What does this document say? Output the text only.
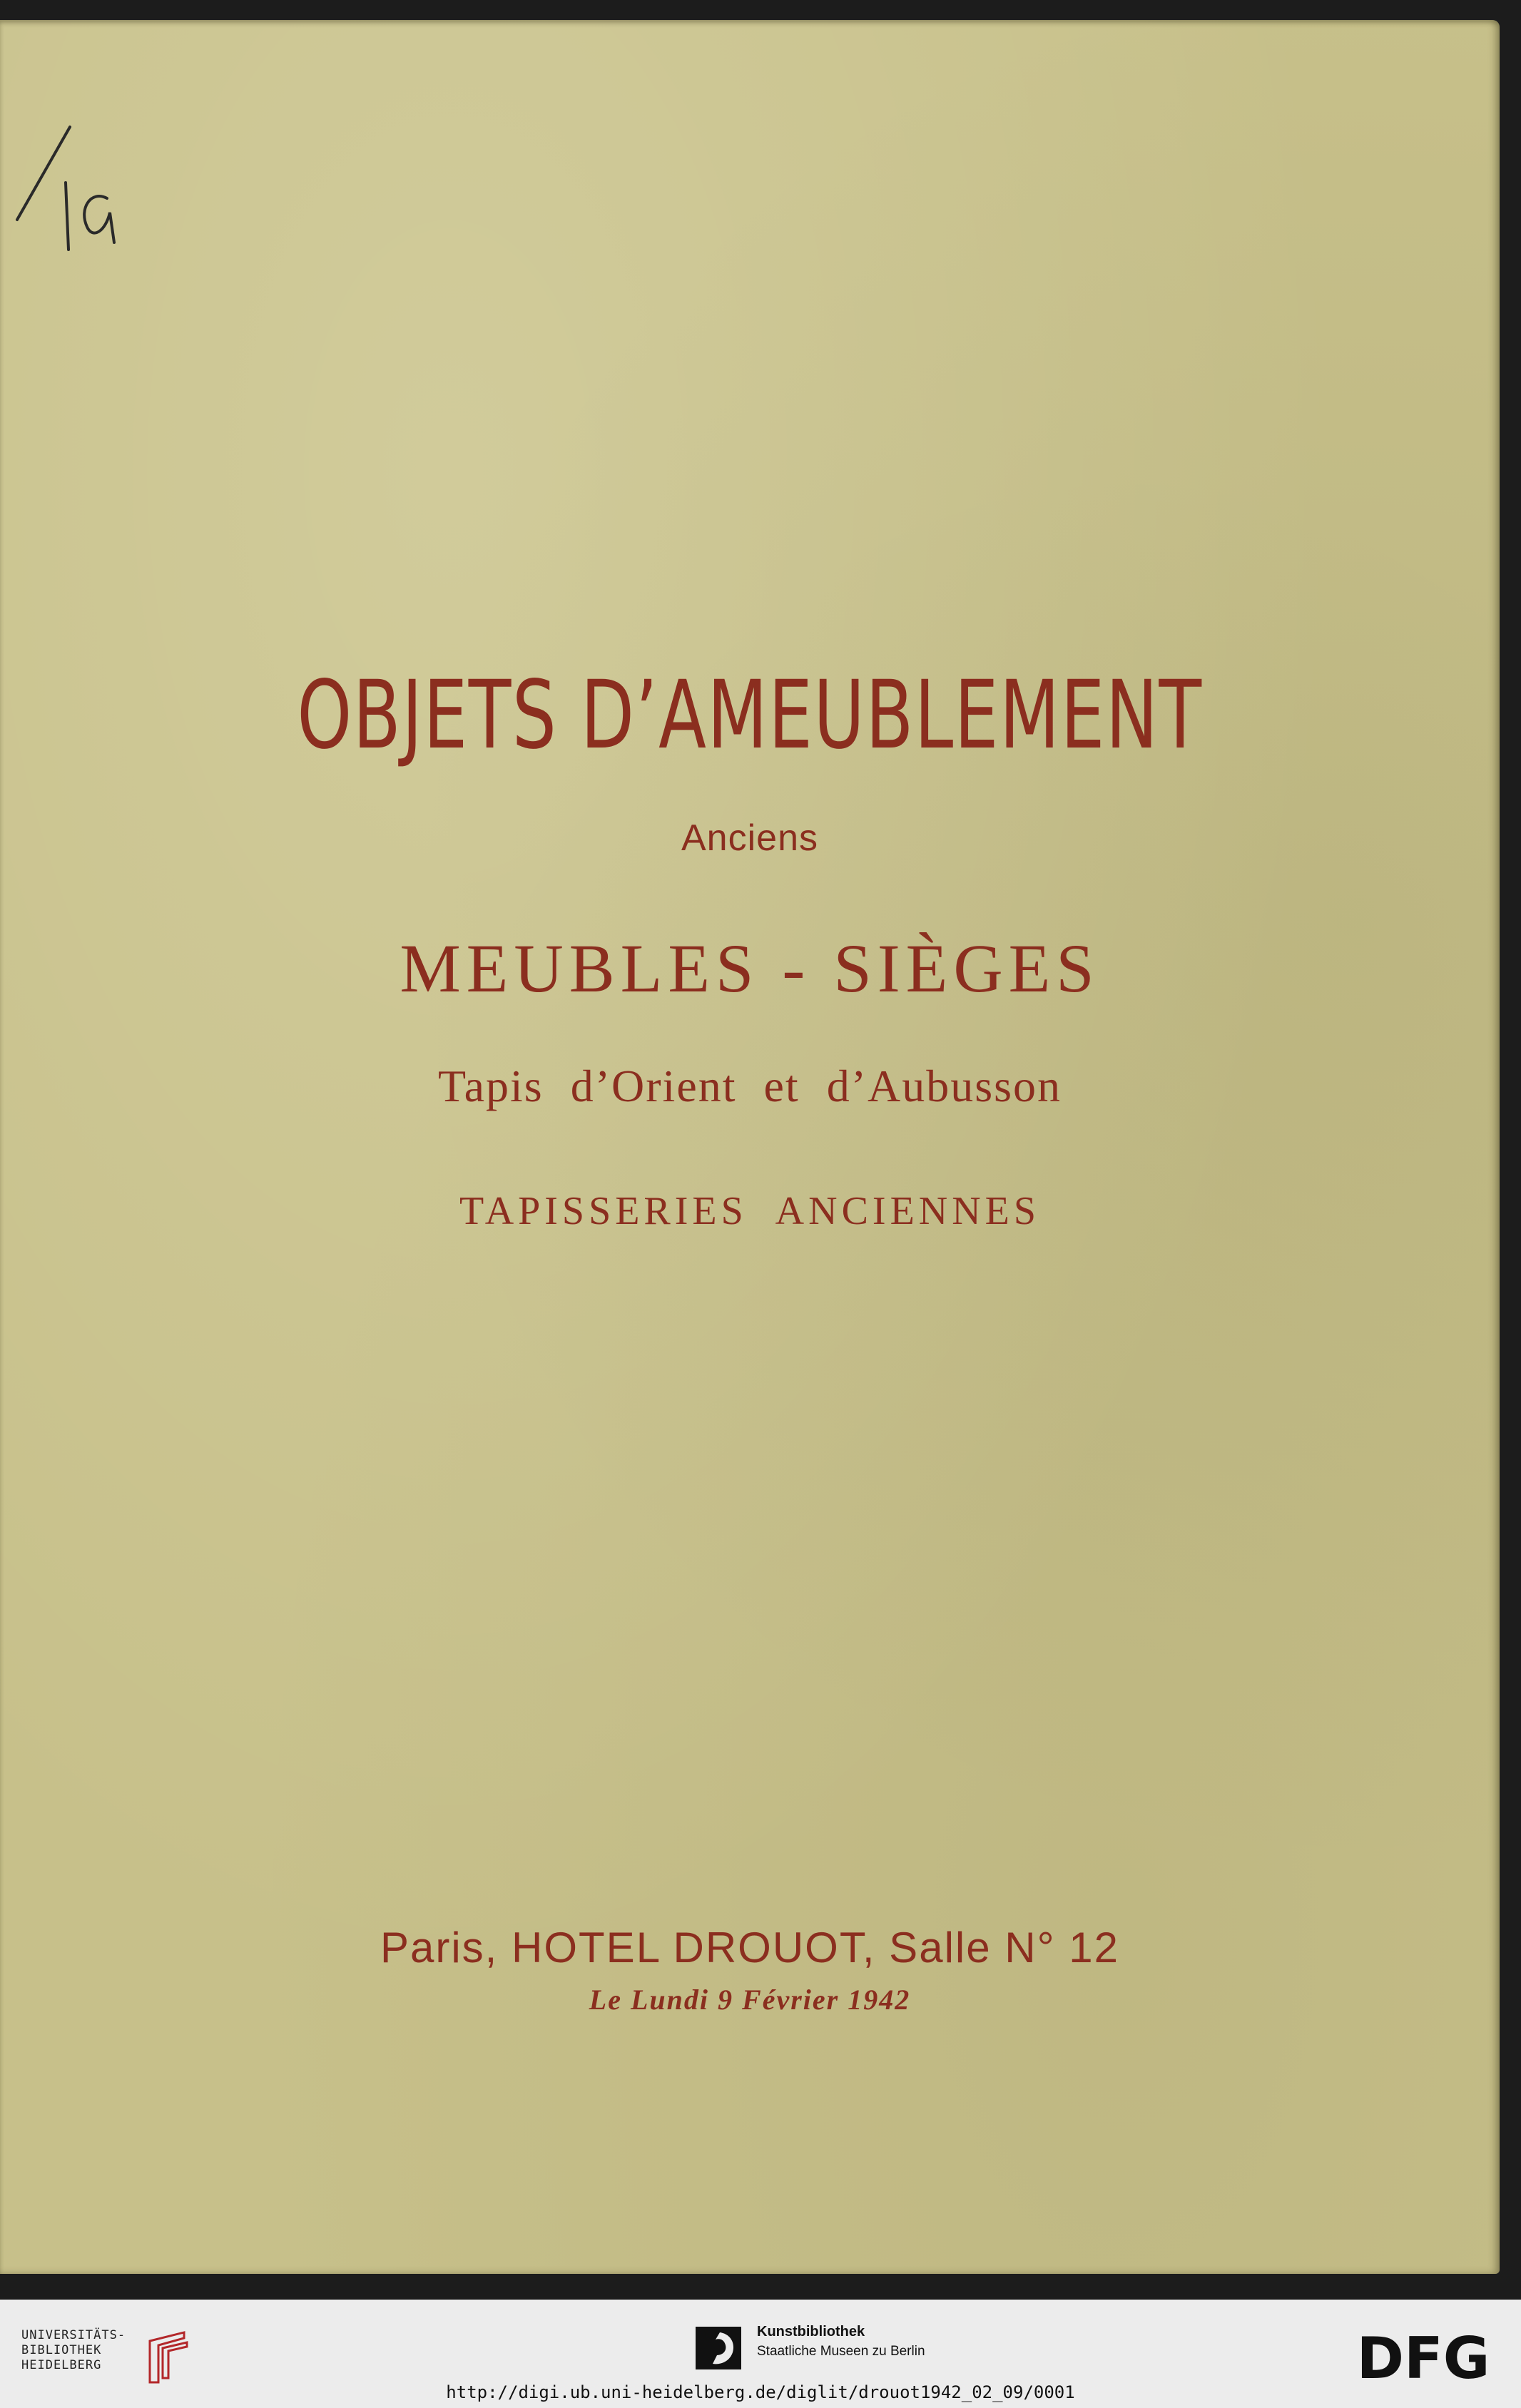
OBJETS D’AMEUBLEMENT
Anciens
MEUBLES - SIÈGES
Tapis d’Orient et d’Aubusson
TAPISSERIES ANCIENNES
Paris, HOTEL DROUOT, Salle N° 12
Le Lundi 9 Février 1942
UNIVERSITÄTS-
BIBLIOTHEK
HEIDELBERG
Kunstbibliothek
Staatliche Museen zu Berlin	DFG
http://digi.ub.uni-heidelberg.de/diglit/drouot1942_02_09/0001
